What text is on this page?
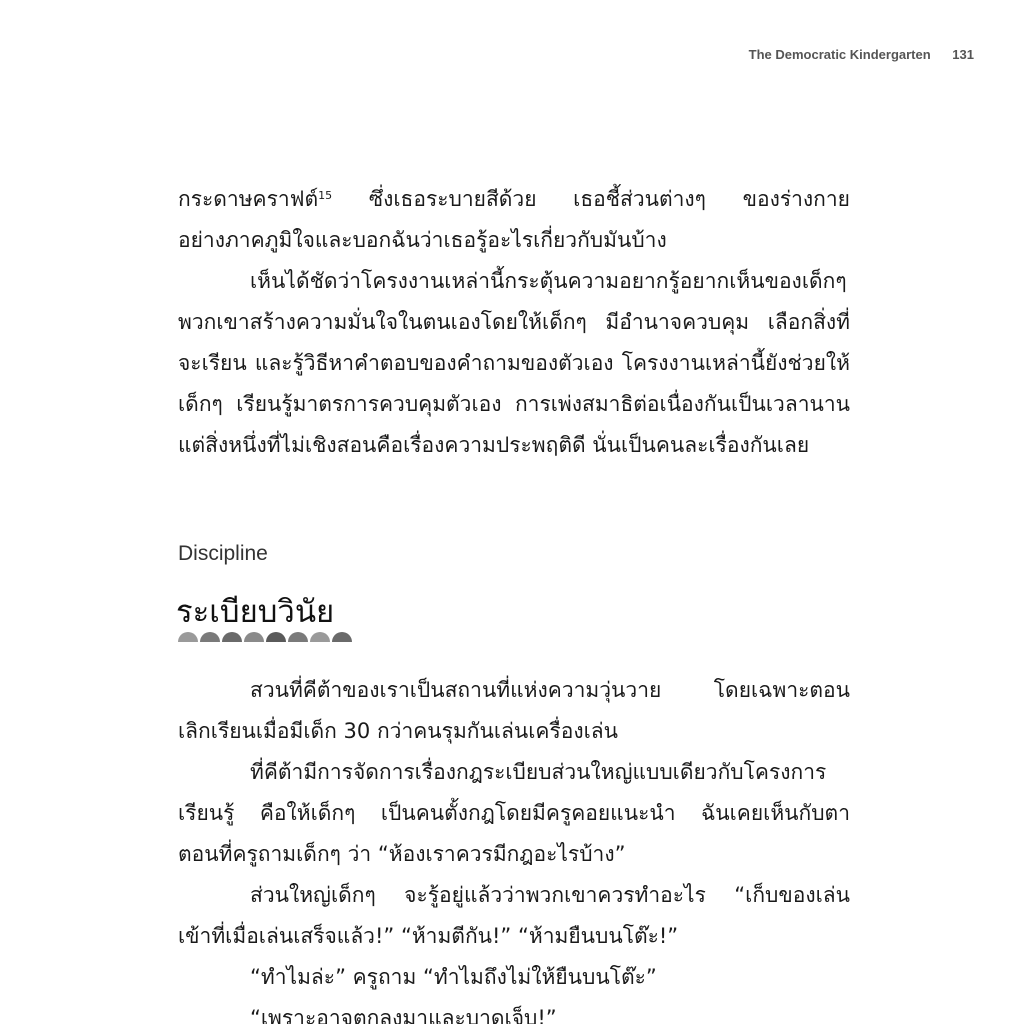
The Democratic Kindergarten 131
กระดาษคราฟต์$^{15}$ ซึ่งเธอระบายสีด้วย เธอชี้ส่วนต่างๆ ของร่างกาย
อย่างภาคภูมิใจและบอกฉันว่าเธอรู้อะไรเกี่ยวกับมันบ้าง
เห็นได้ชัดว่าโครงงานเหล่านี้กระตุ้นความอยากรู้อยากเห็นของเด็กๆ
พวกเขาสร้างความมั่นใจในตนเองโดยให้เด็กๆ มีอำนาจควบคุม เลือกสิ่งที่
จะเรียน และรู้วิธีหาคำตอบของคำถามของตัวเอง โครงงานเหล่านี้ยังช่วยให้
เด็กๆ เรียนรู้มาตรการควบคุมตัวเอง การเพ่งสมาธิต่อเนื่องกันเป็นเวลานาน
แต่สิ่งหนึ่งที่ไม่เชิงสอนคือเรื่องความประพฤติดี นั่นเป็นคนละเรื่องกันเลย
Discipline
ระเบียบวินัย
สวนที่คีต้าของเราเป็นสถานที่แห่งความวุ่นวาย โดยเฉพาะตอน
เลิกเรียนเมื่อมีเด็ก 30 กว่าคนรุมกันเล่นเครื่องเล่น
ที่คีต้ามีการจัดการเรื่องกฎระเบียบส่วนใหญ่แบบเดียวกับโครงการ
เรียนรู้ คือให้เด็กๆ เป็นคนตั้งกฎโดยมีครูคอยแนะนำ ฉันเคยเห็นกับตา
ตอนที่ครูถามเด็กๆ ว่า “ห้องเราควรมีกฎอะไรบ้าง”
ส่วนใหญ่เด็กๆ จะรู้อยู่แล้วว่าพวกเขาควรทำอะไร “เก็บของเล่น
เข้าที่เมื่อเล่นเสร็จแล้ว!” “ห้ามตีกัน!” “ห้ามยืนบนโต๊ะ!”
“ทำไมล่ะ” ครูถาม “ทำไมถึงไม่ให้ยืนบนโต๊ะ”
“เพราะอาจตกลงมาและบาดเจ็บ!”
